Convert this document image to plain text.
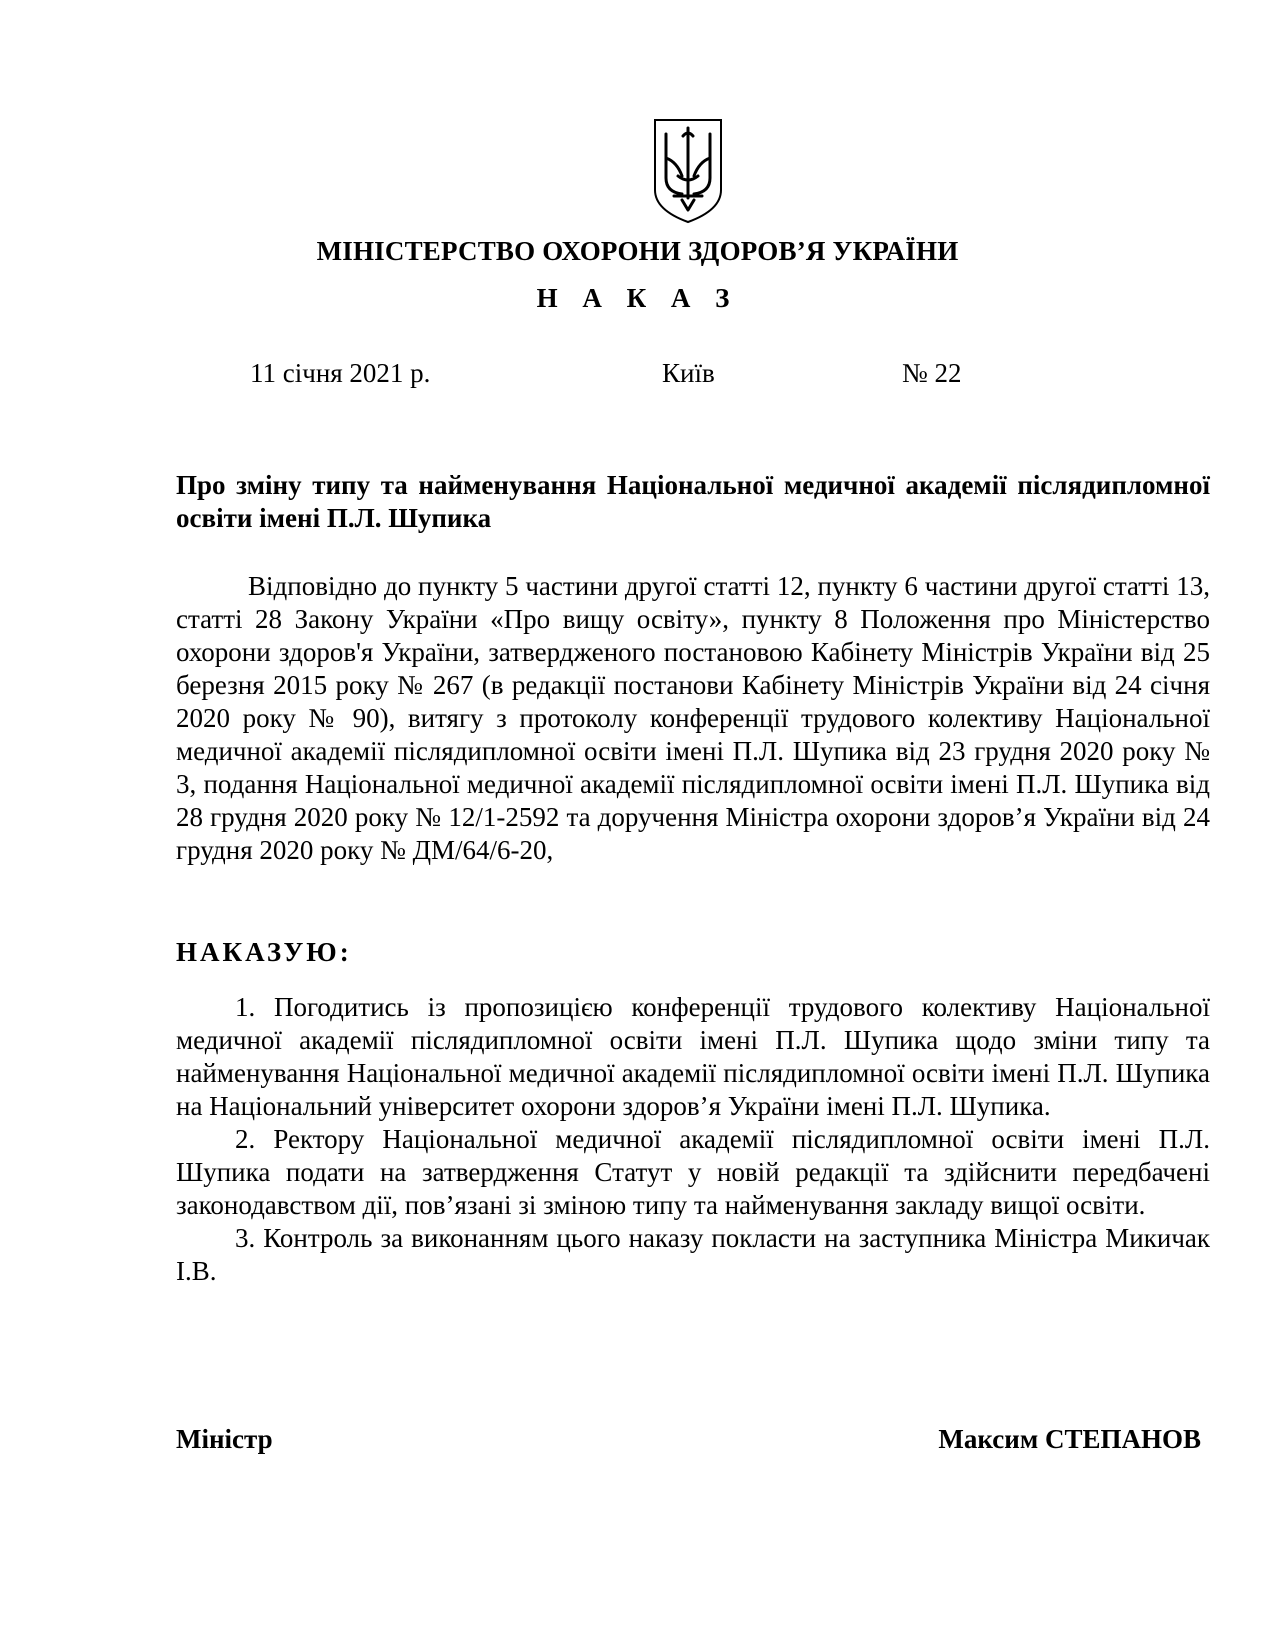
МІНІСТЕРСТВО ОХОРОНИ ЗДОРОВ’Я УКРАЇНИ
Н А К А З
11 січня 2021 р.	Київ	№ 22
Про зміну типу та найменування Національної медичної академії післядипломної освіти імені П.Л. Шупика
Відповідно до пункту 5 частини другої статті 12, пункту 6 частини другої статті 13, статті 28 Закону України «Про вищу освіту», пункту 8 Положення про Міністерство охорони здоров'я України, затвердженого постановою Кабінету Міністрів України від 25 березня 2015 року № 267 (в редакції постанови Кабінету Міністрів України від 24 січня 2020 року № 90), витягу з протоколу конференції трудового колективу Національної медичної академії післядипломної освіти імені П.Л. Шупика від 23 грудня 2020 року № 3, подання Національної медичної академії післядипломної освіти імені П.Л. Шупика від 28 грудня 2020 року № 12/1-2592 та доручення Міністра охорони здоров’я України від 24 грудня 2020 року № ДМ/64/6-20,
НАКАЗУЮ:

1. Погодитись із пропозицією конференції трудового колективу Національної медичної академії післядипломної освіти імені П.Л. Шупика щодо зміни типу та найменування Національної медичної академії післядипломної освіти імені П.Л. Шупика на Національний університет охорони здоров’я України імені П.Л. Шупика.

2. Ректору Національної медичної академії післядипломної освіти імені П.Л. Шупика подати на затвердження Статут у новій редакції та здійснити передбачені законодавством дії, пов’язані зі зміною типу та найменування закладу вищої освіти.

3. Контроль за виконанням цього наказу покласти на заступника Міністра Микичак І.В.

Міністр	Максим СТЕПАНОВ
